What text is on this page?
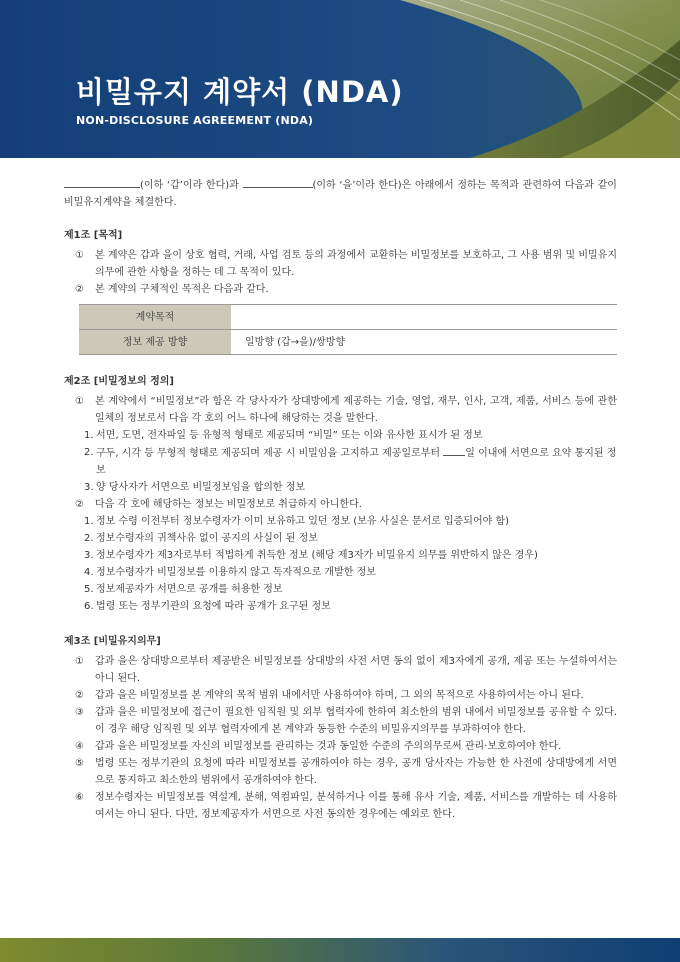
비밀유지 계약서 (NDA)
NON-DISCLOSURE AGREEMENT (NDA)

(이하 ‘갑’이라 한다)과	(이하 ‘을’이라 한다)은 아래에서 정하는 목적과 관련하여 다음과 같이 비밀유지계약을 체결한다.

제1조 [목적]
①	본 계약은 갑과 을이 상호 협력, 거래, 사업 검토 등의 과정에서 교환하는 비밀정보를 보호하고, 그 사용 범위 및 비밀유지 의무에 관한 사항을 정하는 데 그 목적이 있다.
②	본 계약의 구체적인 목적은 다음과 같다.
계약목적	
정보 제공 방향	일방향 (갑→을)/쌍방향
제2조 [비밀정보의 정의]
①	본 계약에서 “비밀정보”라 함은 각 당사자가 상대방에게 제공하는 기술, 영업, 재무, 인사, 고객, 제품, 서비스 등에 관한 일체의 정보로서 다음 각 호의 어느 하나에 해당하는 것을 말한다.
1. 서면, 도면, 전자파일 등 유형적 형태로 제공되며 “비밀” 또는 이와 유사한 표시가 된 정보
2. 구두, 시각 등 무형적 형태로 제공되며 제공 시 비밀임을 고지하고 제공일로부터	일 이내에 서면으로 요약 통지된 정보
3. 양 당사자가 서면으로 비밀정보임을 합의한 정보
②	다음 각 호에 해당하는 정보는 비밀정보로 취급하지 아니한다.
1. 정보 수령 이전부터 정보수령자가 이미 보유하고 있던 정보 (보유 사실은 문서로 입증되어야 함)
2. 정보수령자의 귀책사유 없이 공지의 사실이 된 정보
3. 정보수령자가 제3자로부터 적법하게 취득한 정보 (해당 제3자가 비밀유지 의무를 위반하지 않은 경우)
4. 정보수령자가 비밀정보를 이용하지 않고 독자적으로 개발한 정보
5. 정보제공자가 서면으로 공개를 허용한 정보
6. 법령 또는 정부기관의 요청에 따라 공개가 요구된 정보
제3조 [비밀유지의무]
①	갑과 을은 상대방으로부터 제공받은 비밀정보를 상대방의 사전 서면 동의 없이 제3자에게 공개, 제공 또는 누설하여서는 아니 된다.
②	갑과 을은 비밀정보를 본 계약의 목적 범위 내에서만 사용하여야 하며, 그 외의 목적으로 사용하여서는 아니 된다.
③	갑과 을은 비밀정보에 접근이 필요한 임직원 및 외부 협력자에 한하여 최소한의 범위 내에서 비밀정보를 공유할 수 있다. 이 경우 해당 임직원 및 외부 협력자에게 본 계약과 동등한 수준의 비밀유지의무를 부과하여야 한다.
④	갑과 을은 비밀정보를 자신의 비밀정보를 관리하는 것과 동일한 수준의 주의의무로써 관리·보호하여야 한다.
⑤	법령 또는 정부기관의 요청에 따라 비밀정보를 공개하여야 하는 경우, 공개 당사자는 가능한 한 사전에 상대방에게 서면으로 통지하고 최소한의 범위에서 공개하여야 한다.
⑥	정보수령자는 비밀정보를 역설계, 분해, 역컴파일, 분석하거나 이를 통해 유사 기술, 제품, 서비스를 개발하는 데 사용하여서는 아니 된다. 다만, 정보제공자가 서면으로 사전 동의한 경우에는 예외로 한다.
